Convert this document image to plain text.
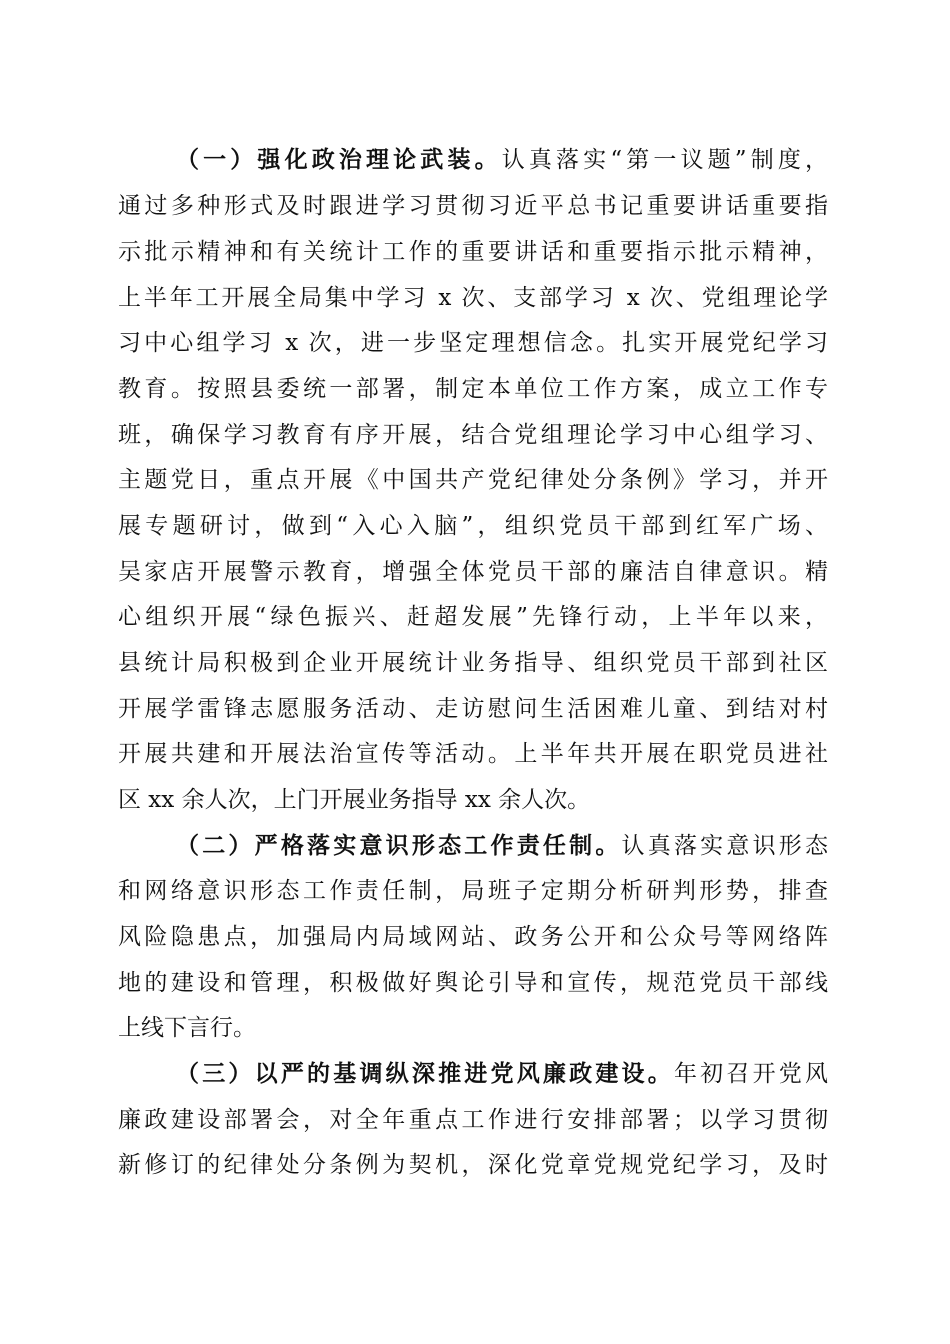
（一）强化政治理论武装。认真落实“第一议题”制度，
通过多种形式及时跟进学习贯彻习近平总书记重要讲话重要指
示批示精神和有关统计工作的重要讲话和重要指示批示精神，
上半年工开展全局集中学习 x 次、支部学习 x 次、党组理论学
习中心组学习 x 次，进一步坚定理想信念。扎实开展党纪学习
教育。按照县委统一部署，制定本单位工作方案，成立工作专
班，确保学习教育有序开展，结合党组理论学习中心组学习、
主题党日，重点开展《中国共产党纪律处分条例》学习，并开
展专题研讨，做到“入心入脑”，组织党员干部到红军广场、
吴家店开展警示教育，增强全体党员干部的廉洁自律意识。精
心组织开展“绿色振兴、赶超发展”先锋行动，上半年以来，
县统计局积极到企业开展统计业务指导、组织党员干部到社区
开展学雷锋志愿服务活动、走访慰问生活困难儿童、到结对村
开展共建和开展法治宣传等活动。上半年共开展在职党员进社
区 xx 余人次，上门开展业务指导 xx 余人次。
（二）严格落实意识形态工作责任制。认真落实意识形态
和网络意识形态工作责任制，局班子定期分析研判形势，排查
风险隐患点，加强局内局域网站、政务公开和公众号等网络阵
地的建设和管理，积极做好舆论引导和宣传，规范党员干部线
上线下言行。
（三）以严的基调纵深推进党风廉政建设。年初召开党风
廉政建设部署会，对全年重点工作进行安排部署；以学习贯彻
新修订的纪律处分条例为契机，深化党章党规党纪学习，及时
